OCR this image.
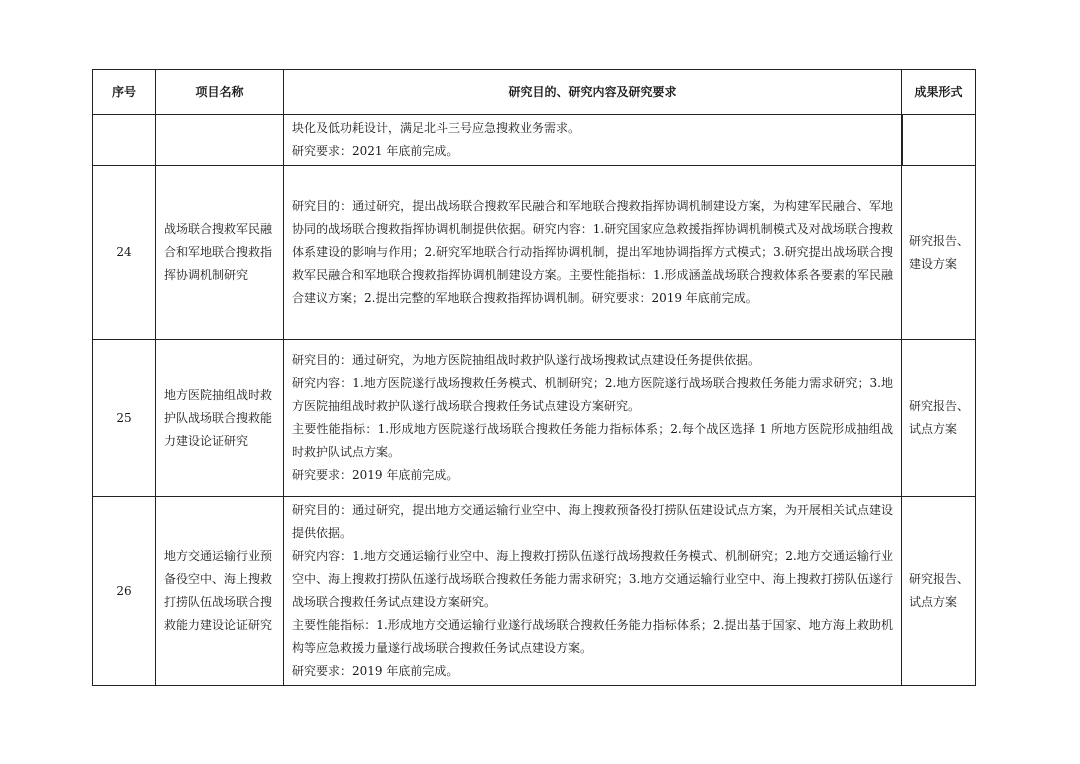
序号	项目名称	研究目的、研究内容及研究要求	成果形式

		块化及低功耗设计，满足北斗三号应急搜救业务需求。

研究要求：2021 年底前完成。	

24	战场联合搜救军民融合和军地联合搜救指挥协调机制研究	研究目的：通过研究，提出战场联合搜救军民融合和军地联合搜救指挥协调机制建设方案，为构建军民融合、军地协同的战场联合搜救指挥协调机制提供依据。研究内容：1.研究国家应急救援指挥协调机制模式及对战场联合搜救体系建设的影响与作用；2.研究军地联合行动指挥协调机制，提出军地协调指挥方式模式；3.研究提出战场联合搜救军民融合和军地联合搜救指挥协调机制建设方案。主要性能指标：1.形成涵盖战场联合搜救体系各要素的军民融合建议方案；2.提出完整的军地联合搜救指挥协调机制。研究要求：2019 年底前完成。	研究报告、建设方案
25	地方医院抽组战时救护队战场联合搜救能力建设论证研究	研究目的：通过研究，为地方医院抽组战时救护队遂行战场搜救试点建设任务提供依据。

研究内容：1.地方医院遂行战场搜救任务模式、机制研究；2.地方医院遂行战场联合搜救任务能力需求研究；3.地方医院抽组战时救护队遂行战场联合搜救任务试点建设方案研究。

主要性能指标：1.形成地方医院遂行战场联合搜救任务能力指标体系；2.每个战区选择 1 所地方医院形成抽组战时救护队试点方案。

研究要求：2019 年底前完成。	研究报告、试点方案
26	地方交通运输行业预备役空中、海上搜救打捞队伍战场联合搜救能力建设论证研究	研究目的：通过研究，提出地方交通运输行业空中、海上搜救预备役打捞队伍建设试点方案，为开展相关试点建设提供依据。

研究内容：1.地方交通运输行业空中、海上搜救打捞队伍遂行战场搜救任务模式、机制研究；2.地方交通运输行业空中、海上搜救打捞队伍遂行战场联合搜救任务能力需求研究；3.地方交通运输行业空中、海上搜救打捞队伍遂行战场联合搜救任务试点建设方案研究。

主要性能指标：1.形成地方交通运输行业遂行战场联合搜救任务能力指标体系；2.提出基于国家、地方海上救助机构等应急救援力量遂行战场联合搜救任务试点建设方案。

研究要求：2019 年底前完成。	研究报告、试点方案
